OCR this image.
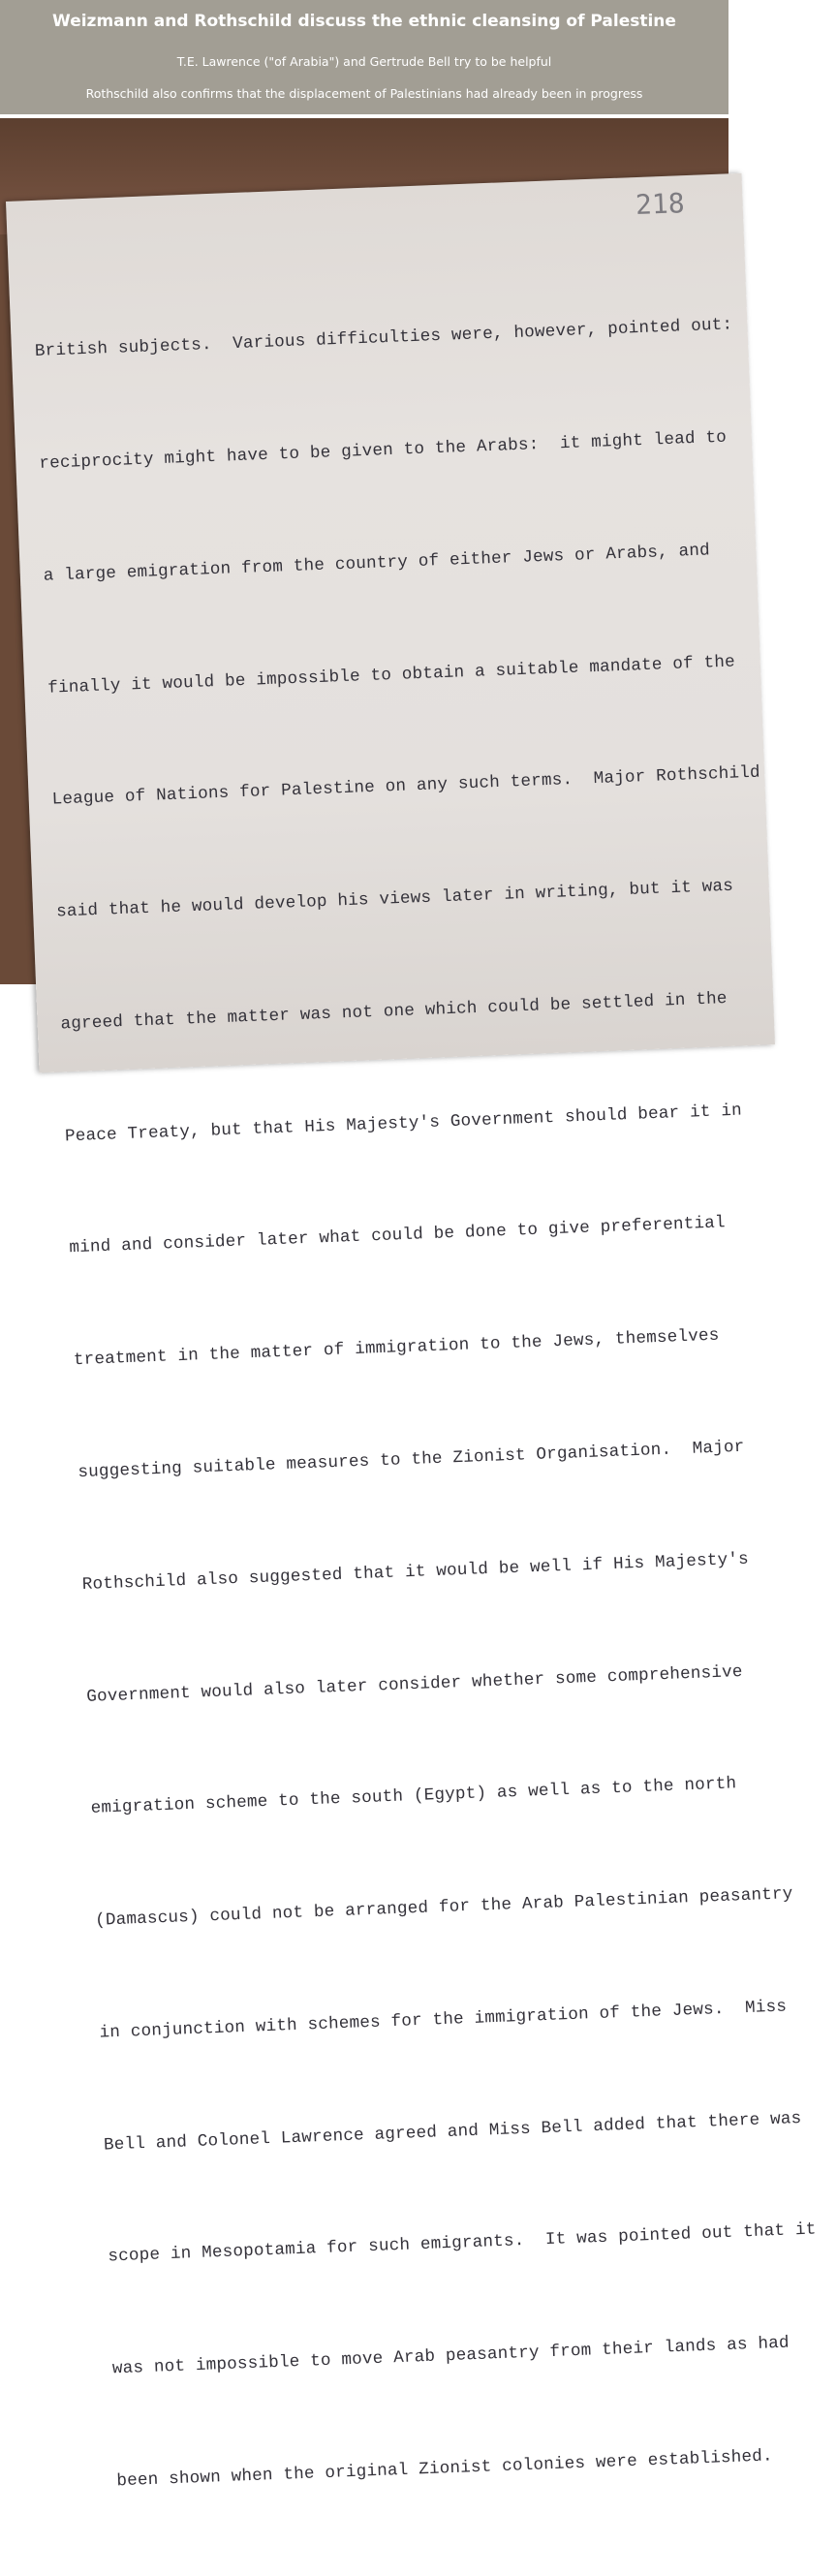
Weizmann and Rothschild discuss the ethnic cleansing of Palestine
T.E. Lawrence ("of Arabia") and Gertrude Bell try to be helpful
Rothschild also confirms that the displacement of Palestinians had already been in progress
218

British subjects.  Various difficulties were, however, pointed out:

reciprocity might have to be given to the Arabs:  it might lead to

a large emigration from the country of either Jews or Arabs, and

finally it would be impossible to obtain a suitable mandate of the

League of Nations for Palestine on any such terms.  Major Rothschild

said that he would develop his views later in writing, but it was

agreed that the matter was not one which could be settled in the

Peace Treaty, but that His Majesty's Government should bear it in

mind and consider later what could be done to give preferential

treatment in the matter of immigration to the Jews, themselves

suggesting suitable measures to the Zionist Organisation.  Major

Rothschild also suggested that it would be well if His Majesty's

Government would also later consider whether some comprehensive

emigration scheme to the south (Egypt) as well as to the north

(Damascus) could not be arranged for the Arab Palestinian peasantry

in conjunction with schemes for the immigration of the Jews.  Miss

Bell and Colonel Lawrence agreed and Miss Bell added that there was

scope in Mesopotamia for such emigrants.  It was pointed out that it

was not impossible to move Arab peasantry from their lands as had

been shown when the original Zionist colonies were established.
